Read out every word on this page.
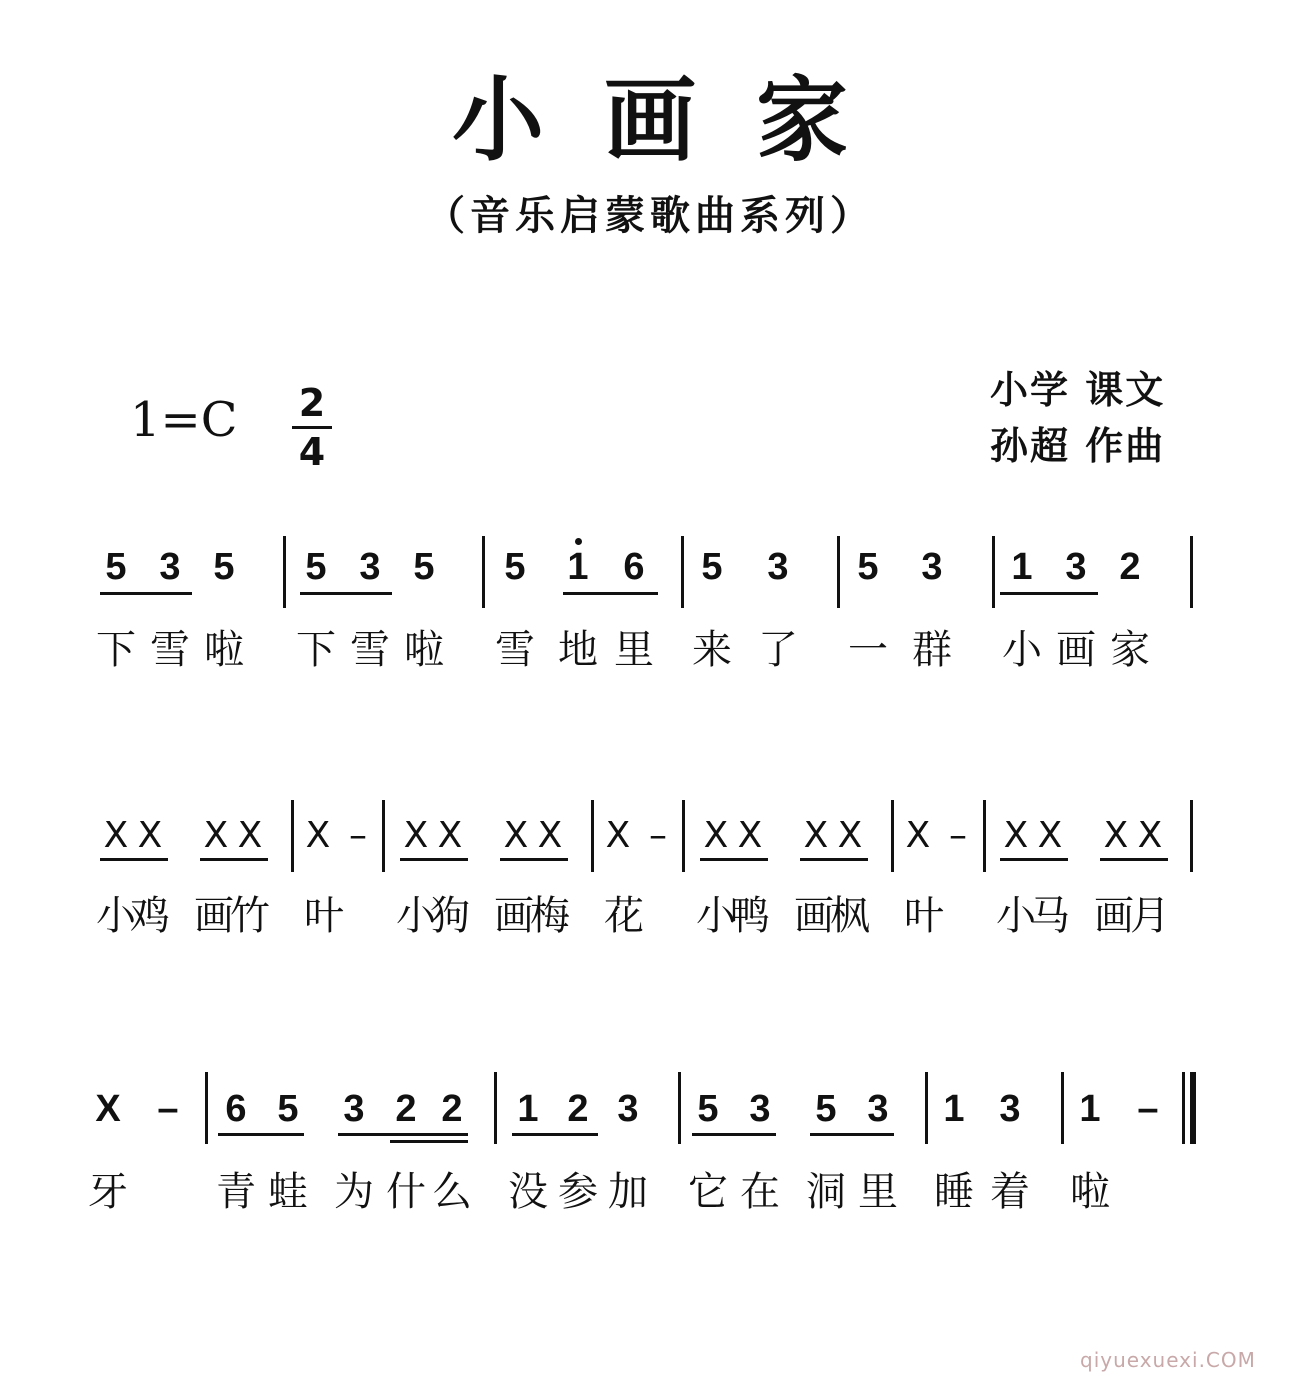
小画家
（音乐启蒙歌曲系列）
$1=C \frac{2}{4}$	小学 课文
孙超 作曲
5 3 5 5 3 5 5 1 6 5 3 5 3 1 3 2
下 雪 啦 下 雪 啦 雪 地 里 来 了 一 群 小 画 家
X X X X X –	X X X X X –	X X X X X –	X X X X
小
鸡 画
竹 叶 小
狗 画
梅 花 小
鸭 画
枫 叶 小
马 画
月
X – 6 5 3 2 2 1 2 3 5 3 5 3 1 3 1 –
牙 青 蛙 为 什 么 没 参 加 它 在 洞 里 睡 着 啦
qiyuexuexi.COM
